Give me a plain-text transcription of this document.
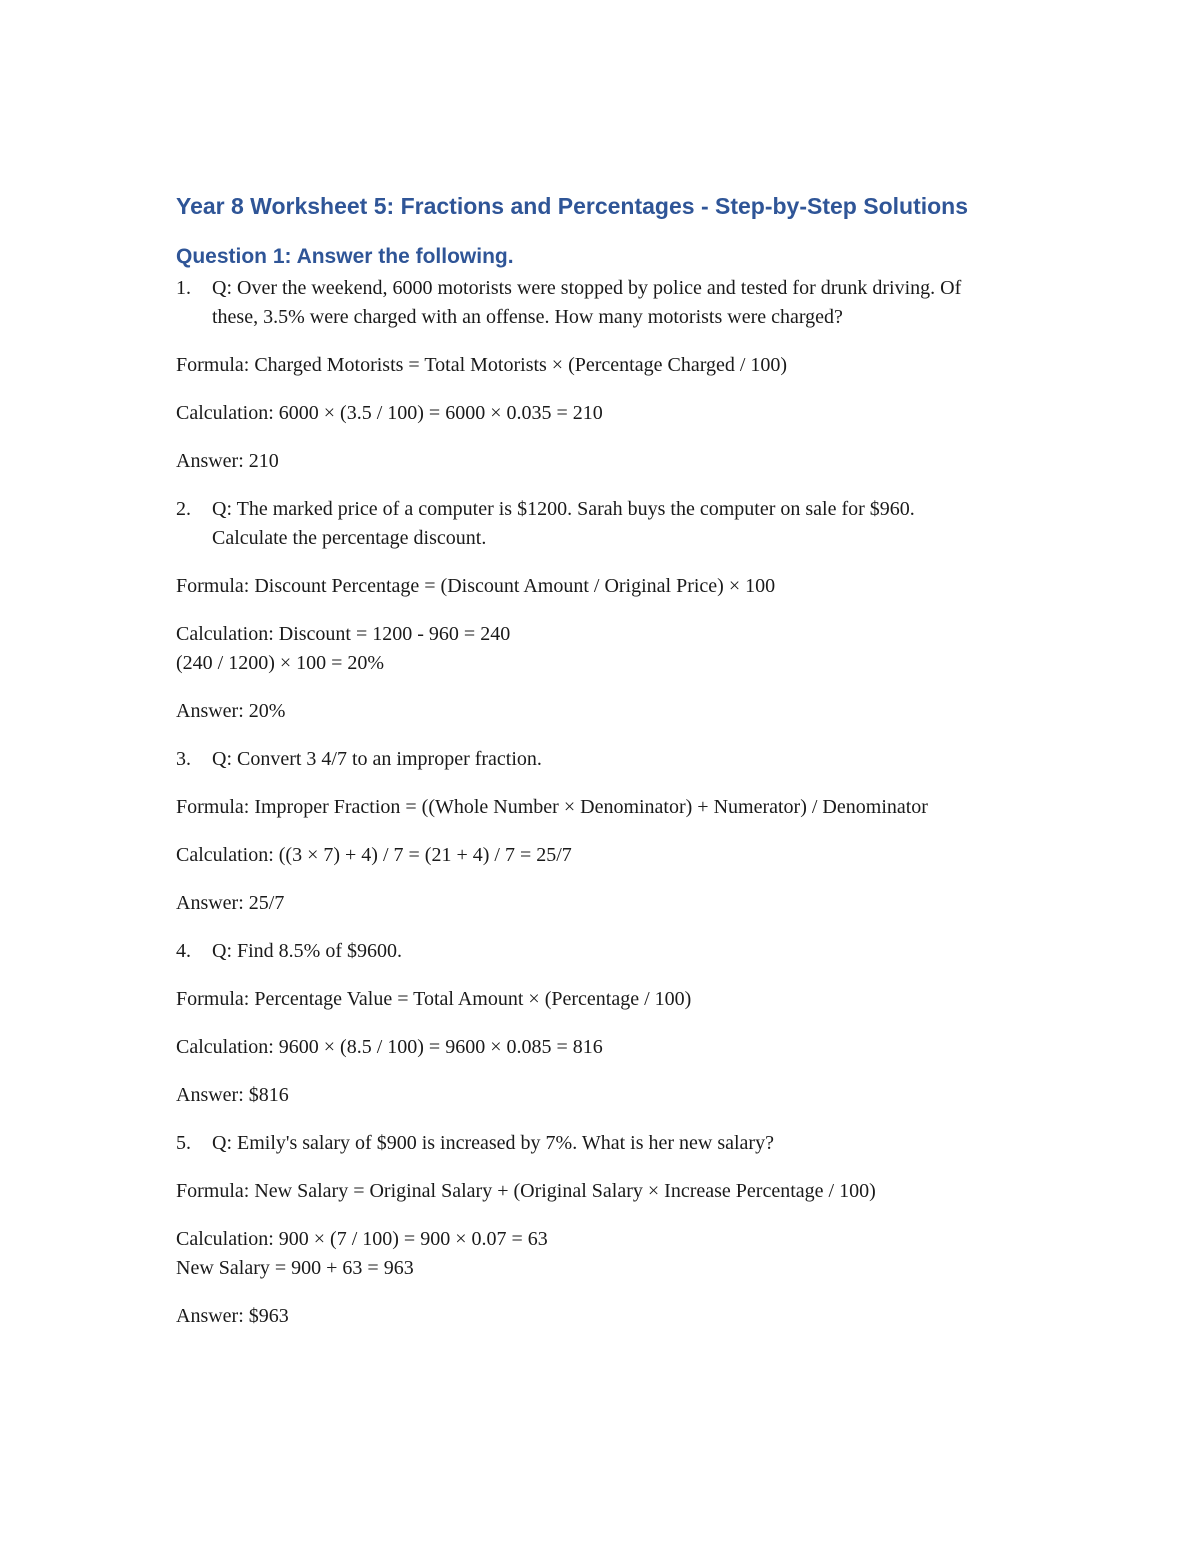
Year 8 Worksheet 5: Fractions and Percentages - Step-by-Step Solutions
Question 1: Answer the following.
1.	Q: Over the weekend, 6000 motorists were stopped by police and tested for drunk driving. Of these, 3.5% were charged with an offense. How many motorists were charged?
Formula: Charged Motorists = Total Motorists × (Percentage Charged / 100)
Calculation: 6000 × (3.5 / 100) = 6000 × 0.035 = 210
Answer: 210
2.	Q: The marked price of a computer is $1200. Sarah buys the computer on sale for $960. Calculate the percentage discount.
Formula: Discount Percentage = (Discount Amount / Original Price) × 100
Calculation: Discount = 1200 - 960 = 240
(240 / 1200) × 100 = 20%
Answer: 20%
3.	Q: Convert 3 4/7 to an improper fraction.
Formula: Improper Fraction = ((Whole Number × Denominator) + Numerator) / Denominator
Calculation: ((3 × 7) + 4) / 7 = (21 + 4) / 7 = 25/7
Answer: 25/7
4.	Q: Find 8.5% of $9600.
Formula: Percentage Value = Total Amount × (Percentage / 100)
Calculation: 9600 × (8.5 / 100) = 9600 × 0.085 = 816
Answer: $816
5.	Q: Emily's salary of $900 is increased by 7%. What is her new salary?
Formula: New Salary = Original Salary + (Original Salary × Increase Percentage / 100)
Calculation: 900 × (7 / 100) = 900 × 0.07 = 63
New Salary = 900 + 63 = 963
Answer: $963
